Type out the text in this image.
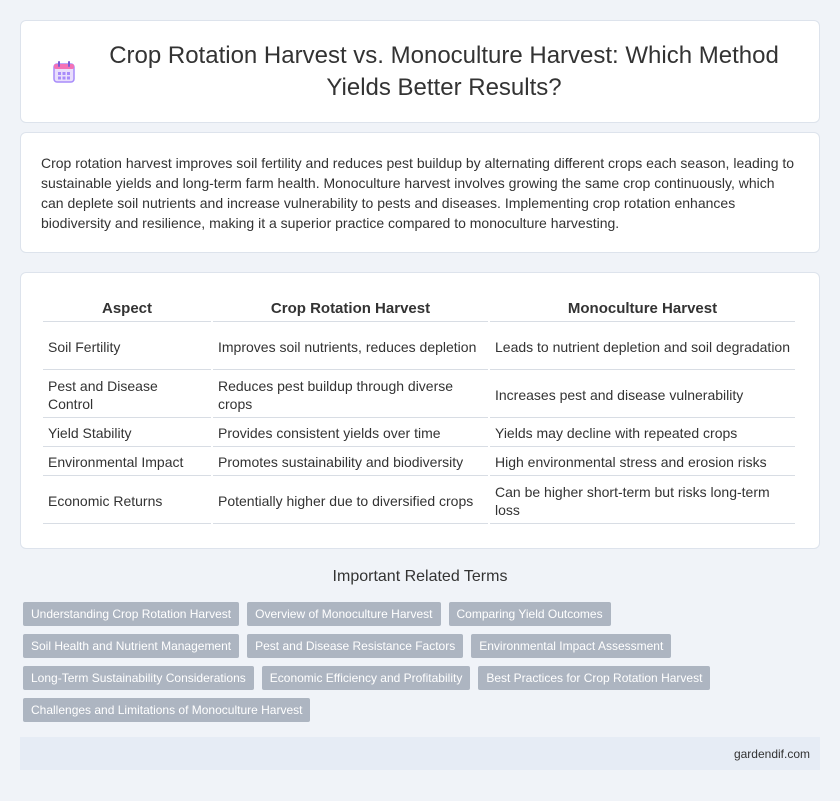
Crop Rotation Harvest vs. Monoculture Harvest: Which Method Yields Better Results?

Crop rotation harvest improves soil fertility and reduces pest buildup by alternating different crops each season, leading to sustainable yields and long-term farm health. Monoculture harvest involves growing the same crop continuously, which can deplete soil nutrients and increase vulnerability to pests and diseases. Implementing crop rotation enhances biodiversity and resilience, making it a superior practice compared to monoculture harvesting.

Aspect	Crop Rotation Harvest	Monoculture Harvest
Soil Fertility	Improves soil nutrients, reduces depletion	Leads to nutrient depletion and soil degradation
Pest and Disease Control	Reduces pest buildup through diverse crops	Increases pest and disease vulnerability
Yield Stability	Provides consistent yields over time	Yields may decline with repeated crops
Environmental Impact	Promotes sustainability and biodiversity	High environmental stress and erosion risks
Economic Returns	Potentially higher due to diversified crops	Can be higher short-term but risks long-term loss
Important Related Terms
Understanding Crop Rotation Harvest	Overview of Monoculture Harvest	Comparing Yield Outcomes
Soil Health and Nutrient Management	Pest and Disease Resistance Factors	Environmental Impact Assessment
Long-Term Sustainability Considerations	Economic Efficiency and Profitability	Best Practices for Crop Rotation Harvest
Challenges and Limitations of Monoculture Harvest
gardendif.com
